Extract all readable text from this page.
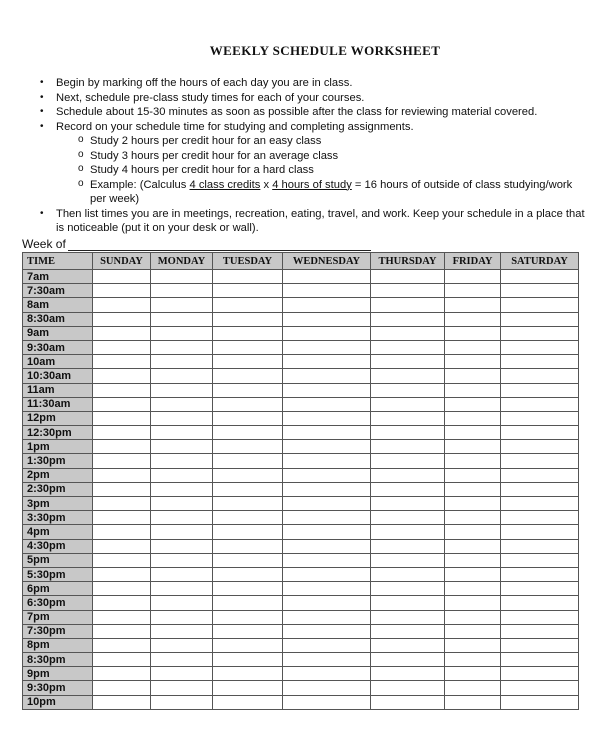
WEEKLY SCHEDULE WORKSHEET
• Begin by marking off the hours of each day you are in class.
• Next, schedule pre-class study times for each of your courses.
• Schedule about 15-30 minutes as soon as possible after the class for reviewing material covered.
• Record on your schedule time for studying and completing assignments.
o Study 2 hours per credit hour for an easy class
o Study 3 hours per credit hour for an average class
o Study 4 hours per credit hour for a hard class
o Example: (Calculus 4 class credits x 4 hours of study = 16 hours of outside of class studying/work per week)
• Then list times you are in meetings, recreation, eating, travel, and work. Keep your schedule in a place that is noticeable (put it on your desk or wall).
Week of
TIME	SUNDAY	MONDAY	TUESDAY	WEDNESDAY	THURSDAY	FRIDAY	SATURDAY
7am							
7:30am							
8am							
8:30am							
9am							
9:30am							
10am							
10:30am							
11am							
11:30am							
12pm							
12:30pm							
1pm							
1:30pm							
2pm							
2:30pm							
3pm							
3:30pm							
4pm							
4:30pm							
5pm							
5:30pm							
6pm							
6:30pm							
7pm							
7:30pm							
8pm							
8:30pm							
9pm							
9:30pm							
10pm							
